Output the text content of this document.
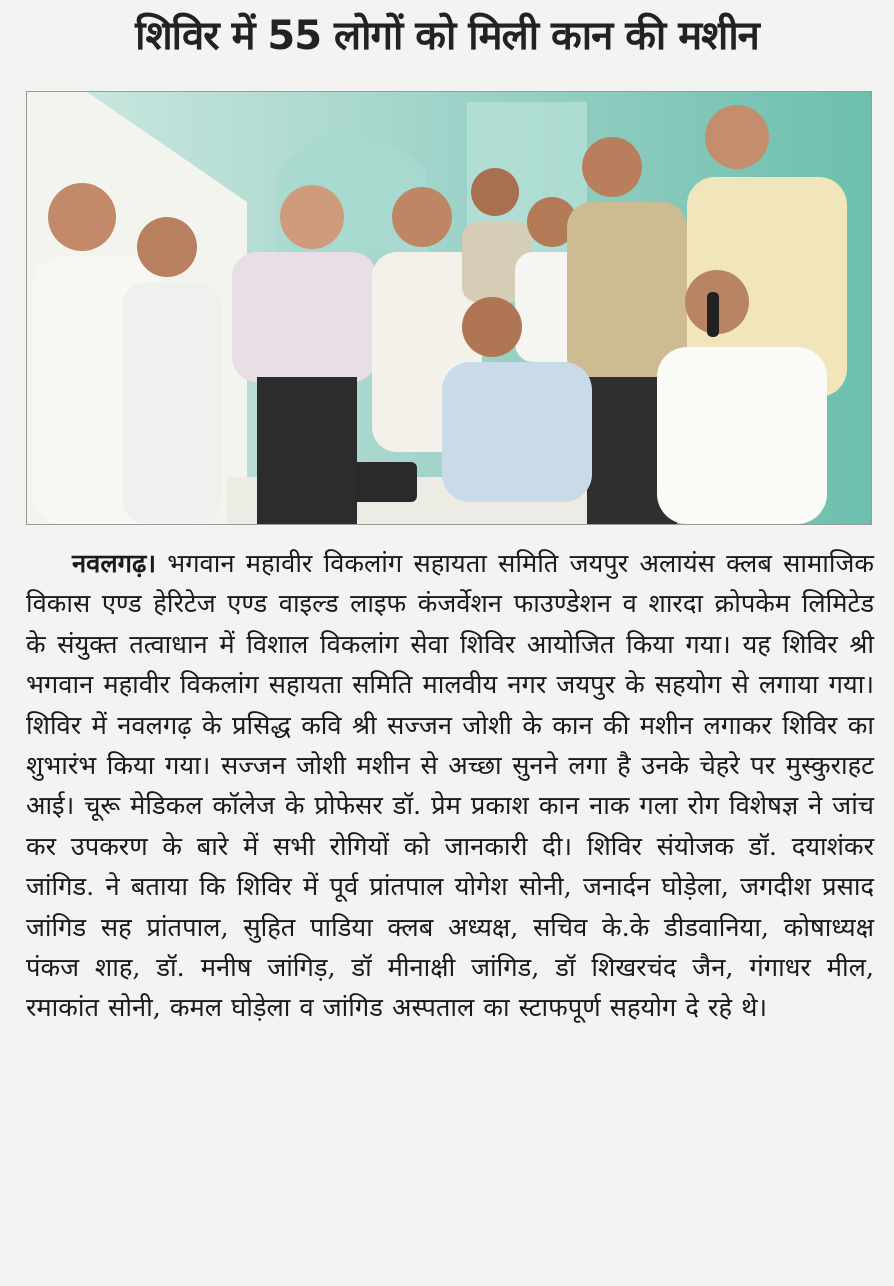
शिविर में 55 लोगों को मिली कान की मशीन

नवलगढ़। भगवान महावीर विकलांग सहायता समिति जयपुर अलायंस क्लब सामाजिक विकास एण्ड हेरिटेज एण्ड वाइल्ड लाइफ कंजर्वेशन फाउण्डेशन व शारदा क्रोपकेम लिमिटेड के संयुक्त तत्वाधान में विशाल विकलांग सेवा शिविर आयोजित किया गया। यह शिविर श्री भगवान महावीर विकलांग सहायता समिति मालवीय नगर जयपुर के सहयोग से लगाया गया। शिविर में नवलगढ़ के प्रसिद्ध कवि श्री सज्जन जोशी के कान की मशीन लगाकर शिविर का शुभारंभ किया गया। सज्जन जोशी मशीन से अच्छा सुनने लगा है उनके चेहरे पर मुस्कुराहट आई। चूरू मेडिकल कॉलेज के प्रोफेसर डॉ. प्रेम प्रकाश कान नाक गला रोग विशेषज्ञ ने जांच कर उपकरण के बारे में सभी रोगियों को जानकारी दी। शिविर संयोजक डॉ. दयाशंकर जांगिड. ने बताया कि शिविर में पूर्व प्रांतपाल योगेश सोनी, जनार्दन घोड़ेला, जगदीश प्रसाद जांगिड सह प्रांतपाल, सुहित पाडिया क्लब अध्यक्ष, सचिव के.के डीडवानिया, कोषाध्यक्ष पंकज शाह, डॉ. मनीष जांगिड़, डॉ मीनाक्षी जांगिड, डॉ शिखरचंद जैन, गंगाधर मील, रमाकांत सोनी, कमल घोड़ेला व जांगिड अस्पताल का स्टाफपूर्ण सहयोग दे रहे थे।
